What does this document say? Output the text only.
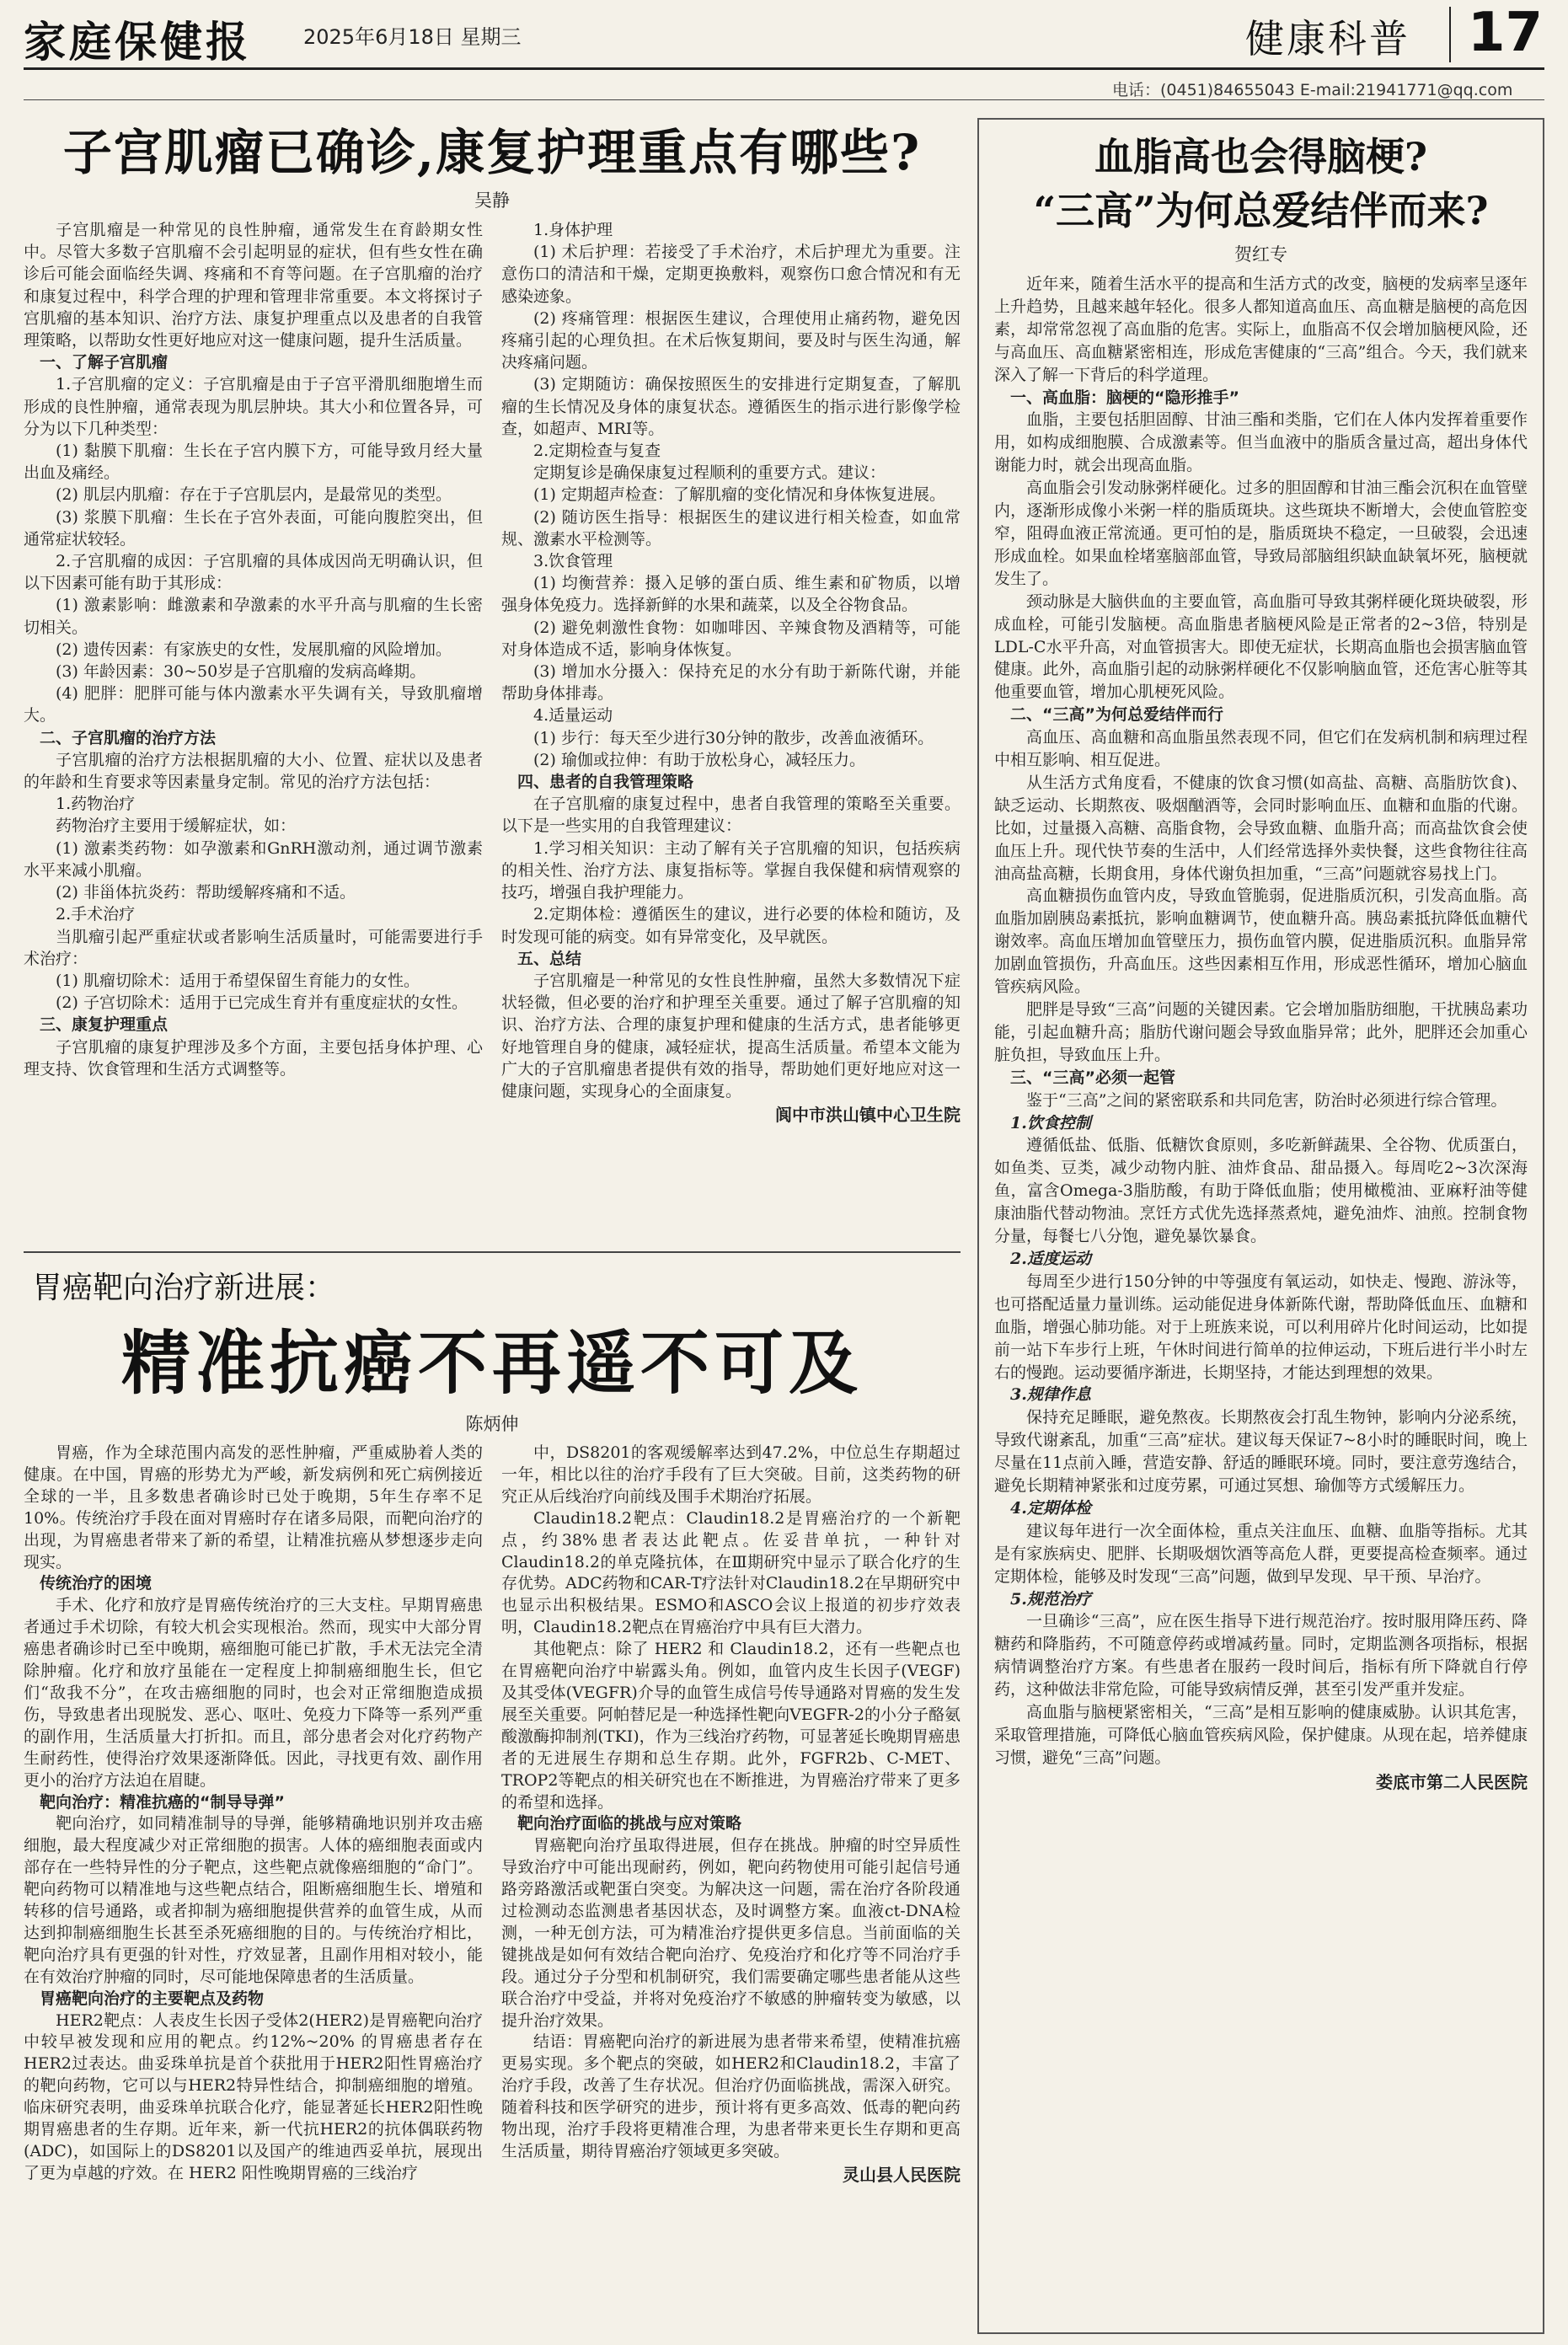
家庭保健报	2025年6月18日 星期三	健康科普 17
电话：(0451)84655043 E-mail:21941771@qq.com
子宫肌瘤已确诊,康复护理重点有哪些?
吴静

子宫肌瘤是一种常见的良性肿瘤，通常发生在育龄期女性中。尽管大多数子宫肌瘤不会引起明显的症状，但有些女性在确诊后可能会面临经失调、疼痛和不育等问题。在子宫肌瘤的治疗和康复过程中，科学合理的护理和管理非常重要。本文将探讨子宫肌瘤的基本知识、治疗方法、康复护理重点以及患者的自我管理策略，以帮助女性更好地应对这一健康问题，提升生活质量。

一、了解子宫肌瘤

1.子宫肌瘤的定义：子宫肌瘤是由于子宫平滑肌细胞增生而形成的良性肿瘤，通常表现为肌层肿块。其大小和位置各异，可分为以下几种类型：

(1) 黏膜下肌瘤：生长在子宫内膜下方，可能导致月经大量出血及痛经。

(2) 肌层内肌瘤：存在于子宫肌层内，是最常见的类型。

(3) 浆膜下肌瘤：生长在子宫外表面，可能向腹腔突出，但通常症状较轻。

2.子宫肌瘤的成因：子宫肌瘤的具体成因尚无明确认识，但以下因素可能有助于其形成：

(1) 激素影响：雌激素和孕激素的水平升高与肌瘤的生长密切相关。

(2) 遗传因素：有家族史的女性，发展肌瘤的风险增加。

(3) 年龄因素：30~50岁是子宫肌瘤的发病高峰期。

(4) 肥胖：肥胖可能与体内激素水平失调有关，导致肌瘤增大。

二、子宫肌瘤的治疗方法

子宫肌瘤的治疗方法根据肌瘤的大小、位置、症状以及患者的年龄和生育要求等因素量身定制。常见的治疗方法包括：

1.药物治疗

药物治疗主要用于缓解症状，如：

(1) 激素类药物：如孕激素和GnRH激动剂，通过调节激素水平来减小肌瘤。

(2) 非甾体抗炎药：帮助缓解疼痛和不适。

2.手术治疗

当肌瘤引起严重症状或者影响生活质量时，可能需要进行手术治疗：

(1) 肌瘤切除术：适用于希望保留生育能力的女性。

(2) 子宫切除术：适用于已完成生育并有重度症状的女性。

三、康复护理重点

子宫肌瘤的康复护理涉及多个方面，主要包括身体护理、心理支持、饮食管理和生活方式调整等。

1.身体护理

(1) 术后护理：若接受了手术治疗，术后护理尤为重要。注意伤口的清洁和干燥，定期更换敷料，观察伤口愈合情况和有无感染迹象。

(2) 疼痛管理：根据医生建议，合理使用止痛药物，避免因疼痛引起的心理负担。在术后恢复期间，要及时与医生沟通，解决疼痛问题。

(3) 定期随访：确保按照医生的安排进行定期复查，了解肌瘤的生长情况及身体的康复状态。遵循医生的指示进行影像学检查，如超声、MRI等。

2.定期检查与复查

定期复诊是确保康复过程顺利的重要方式。建议：

(1) 定期超声检查：了解肌瘤的变化情况和身体恢复进展。

(2) 随访医生指导：根据医生的建议进行相关检查，如血常规、激素水平检测等。

3.饮食管理

(1) 均衡营养：摄入足够的蛋白质、维生素和矿物质，以增强身体免疫力。选择新鲜的水果和蔬菜，以及全谷物食品。

(2) 避免刺激性食物：如咖啡因、辛辣食物及酒精等，可能对身体造成不适，影响身体恢复。

(3) 增加水分摄入：保持充足的水分有助于新陈代谢，并能帮助身体排毒。

4.适量运动

(1) 步行：每天至少进行30分钟的散步，改善血液循环。

(2) 瑜伽或拉伸：有助于放松身心，减轻压力。

四、患者的自我管理策略

在子宫肌瘤的康复过程中，患者自我管理的策略至关重要。以下是一些实用的自我管理建议：

1.学习相关知识：主动了解有关子宫肌瘤的知识，包括疾病的相关性、治疗方法、康复指标等。掌握自我保健和病情观察的技巧，增强自我护理能力。

2.定期体检：遵循医生的建议，进行必要的体检和随访，及时发现可能的病变。如有异常变化，及早就医。

五、总结

子宫肌瘤是一种常见的女性良性肿瘤，虽然大多数情况下症状轻微，但必要的治疗和护理至关重要。通过了解子宫肌瘤的知识、治疗方法、合理的康复护理和健康的生活方式，患者能够更好地管理自身的健康，减轻症状，提高生活质量。希望本文能为广大的子宫肌瘤患者提供有效的指导，帮助她们更好地应对这一健康问题，实现身心的全面康复。

阆中市洪山镇中心卫生院
胃癌靶向治疗新进展：
精准抗癌不再遥不可及
陈炳伸

胃癌，作为全球范围内高发的恶性肿瘤，严重威胁着人类的健康。在中国，胃癌的形势尤为严峻，新发病例和死亡病例接近全球的一半，且多数患者确诊时已处于晚期，5年生存率不足10%。传统治疗手段在面对胃癌时存在诸多局限，而靶向治疗的出现，为胃癌患者带来了新的希望，让精准抗癌从梦想逐步走向现实。

传统治疗的困境

手术、化疗和放疗是胃癌传统治疗的三大支柱。早期胃癌患者通过手术切除，有较大机会实现根治。然而，现实中大部分胃癌患者确诊时已至中晚期，癌细胞可能已扩散，手术无法完全清除肿瘤。化疗和放疗虽能在一定程度上抑制癌细胞生长，但它们“敌我不分”，在攻击癌细胞的同时，也会对正常细胞造成损伤，导致患者出现脱发、恶心、呕吐、免疫力下降等一系列严重的副作用，生活质量大打折扣。而且，部分患者会对化疗药物产生耐药性，使得治疗效果逐渐降低。因此，寻找更有效、副作用更小的治疗方法迫在眉睫。

靶向治疗：精准抗癌的“制导导弹”

靶向治疗，如同精准制导的导弹，能够精确地识别并攻击癌细胞，最大程度减少对正常细胞的损害。人体的癌细胞表面或内部存在一些特异性的分子靶点，这些靶点就像癌细胞的“命门”。靶向药物可以精准地与这些靶点结合，阻断癌细胞生长、增殖和转移的信号通路，或者抑制为癌细胞提供营养的血管生成，从而达到抑制癌细胞生长甚至杀死癌细胞的目的。与传统治疗相比，靶向治疗具有更强的针对性，疗效显著，且副作用相对较小，能在有效治疗肿瘤的同时，尽可能地保障患者的生活质量。

胃癌靶向治疗的主要靶点及药物

HER2靶点：人表皮生长因子受体2(HER2)是胃癌靶向治疗中较早被发现和应用的靶点。约12%~20% 的胃癌患者存在HER2过表达。曲妥珠单抗是首个获批用于HER2阳性胃癌治疗的靶向药物，它可以与HER2特异性结合，抑制癌细胞的增殖。临床研究表明，曲妥珠单抗联合化疗，能显著延长HER2阳性晚期胃癌患者的生存期。近年来，新一代抗HER2的抗体偶联药物(ADC)，如国际上的DS8201以及国产的维迪西妥单抗，展现出了更为卓越的疗效。在 HER2 阳性晚期胃癌的三线治疗

中，DS8201的客观缓解率达到47.2%，中位总生存期超过一年，相比以往的治疗手段有了巨大突破。目前，这类药物的研究正从后线治疗向前线及围手术期治疗拓展。

Claudin18.2靶点：Claudin18.2是胃癌治疗的一个新靶点，约38%患者表达此靶点。佐妥昔单抗，一种针对Claudin18.2的单克隆抗体，在Ⅲ期研究中显示了联合化疗的生存优势。ADC药物和CAR-T疗法针对Claudin18.2在早期研究中也显示出积极结果。ESMO和ASCO会议上报道的初步疗效表明，Claudin18.2靶点在胃癌治疗中具有巨大潜力。

其他靶点：除了 HER2 和 Claudin18.2，还有一些靶点也在胃癌靶向治疗中崭露头角。例如，血管内皮生长因子(VEGF)及其受体(VEGFR)介导的血管生成信号传导通路对胃癌的发生发展至关重要。阿帕替尼是一种选择性靶向VEGFR-2的小分子酪氨酸激酶抑制剂(TKI)，作为三线治疗药物，可显著延长晚期胃癌患者的无进展生存期和总生存期。此外，FGFR2b、C-MET、TROP2等靶点的相关研究也在不断推进，为胃癌治疗带来了更多的希望和选择。

靶向治疗面临的挑战与应对策略

胃癌靶向治疗虽取得进展，但存在挑战。肿瘤的时空异质性导致治疗中可能出现耐药，例如，靶向药物使用可能引起信号通路旁路激活或靶蛋白突变。为解决这一问题，需在治疗各阶段通过检测动态监测患者基因状态，及时调整方案。血液ct-DNA检测，一种无创方法，可为精准治疗提供更多信息。当前面临的关键挑战是如何有效结合靶向治疗、免疫治疗和化疗等不同治疗手段。通过分子分型和机制研究，我们需要确定哪些患者能从这些联合治疗中受益，并将对免疫治疗不敏感的肿瘤转变为敏感，以提升治疗效果。

结语：胃癌靶向治疗的新进展为患者带来希望，使精准抗癌更易实现。多个靶点的突破，如HER2和Claudin18.2，丰富了治疗手段，改善了生存状况。但治疗仍面临挑战，需深入研究。随着科技和医学研究的进步，预计将有更多高效、低毒的靶向药物出现，治疗手段将更精准合理，为患者带来更长生存期和更高生活质量，期待胃癌治疗领域更多突破。

灵山县人民医院
血脂高也会得脑梗?
“三高”为何总爱结伴而来?
贺红专

近年来，随着生活水平的提高和生活方式的改变，脑梗的发病率呈逐年上升趋势，且越来越年轻化。很多人都知道高血压、高血糖是脑梗的高危因素，却常常忽视了高血脂的危害。实际上，血脂高不仅会增加脑梗风险，还与高血压、高血糖紧密相连，形成危害健康的“三高”组合。今天，我们就来深入了解一下背后的科学道理。

一、高血脂：脑梗的“隐形推手”

血脂，主要包括胆固醇、甘油三酯和类脂，它们在人体内发挥着重要作用，如构成细胞膜、合成激素等。但当血液中的脂质含量过高，超出身体代谢能力时，就会出现高血脂。

高血脂会引发动脉粥样硬化。过多的胆固醇和甘油三酯会沉积在血管壁内，逐渐形成像小米粥一样的脂质斑块。这些斑块不断增大，会使血管腔变窄，阻碍血液正常流通。更可怕的是，脂质斑块不稳定，一旦破裂，会迅速形成血栓。如果血栓堵塞脑部血管，导致局部脑组织缺血缺氧坏死，脑梗就发生了。

颈动脉是大脑供血的主要血管，高血脂可导致其粥样硬化斑块破裂，形成血栓，可能引发脑梗。高血脂患者脑梗风险是正常者的2~3倍，特别是LDL-C水平升高，对血管损害大。即使无症状，长期高血脂也会损害脑血管健康。此外，高血脂引起的动脉粥样硬化不仅影响脑血管，还危害心脏等其他重要血管，增加心肌梗死风险。

二、“三高”为何总爱结伴而行

高血压、高血糖和高血脂虽然表现不同，但它们在发病机制和病理过程中相互影响、相互促进。

从生活方式角度看，不健康的饮食习惯(如高盐、高糖、高脂肪饮食)、缺乏运动、长期熬夜、吸烟酗酒等，会同时影响血压、血糖和血脂的代谢。比如，过量摄入高糖、高脂食物，会导致血糖、血脂升高；而高盐饮食会使血压上升。现代快节奏的生活中，人们经常选择外卖快餐，这些食物往往高油高盐高糖，长期食用，身体代谢负担加重，“三高”问题就容易找上门。

高血糖损伤血管内皮，导致血管脆弱，促进脂质沉积，引发高血脂。高血脂加剧胰岛素抵抗，影响血糖调节，使血糖升高。胰岛素抵抗降低血糖代谢效率。高血压增加血管壁压力，损伤血管内膜，促进脂质沉积。血脂异常加剧血管损伤，升高血压。这些因素相互作用，形成恶性循环，增加心脑血管疾病风险。

肥胖是导致“三高”问题的关键因素。它会增加脂肪细胞，干扰胰岛素功能，引起血糖升高；脂肪代谢问题会导致血脂异常；此外，肥胖还会加重心脏负担，导致血压上升。

三、“三高”必须一起管

鉴于“三高”之间的紧密联系和共同危害，防治时必须进行综合管理。

1.饮食控制

遵循低盐、低脂、低糖饮食原则，多吃新鲜蔬果、全谷物、优质蛋白，如鱼类、豆类，减少动物内脏、油炸食品、甜品摄入。每周吃2~3次深海鱼，富含Omega-3脂肪酸，有助于降低血脂；使用橄榄油、亚麻籽油等健康油脂代替动物油。烹饪方式优先选择蒸煮炖，避免油炸、油煎。控制食物分量，每餐七八分饱，避免暴饮暴食。

2.适度运动

每周至少进行150分钟的中等强度有氧运动，如快走、慢跑、游泳等，也可搭配适量力量训练。运动能促进身体新陈代谢，帮助降低血压、血糖和血脂，增强心肺功能。对于上班族来说，可以利用碎片化时间运动，比如提前一站下车步行上班，午休时间进行简单的拉伸运动，下班后进行半小时左右的慢跑。运动要循序渐进，长期坚持，才能达到理想的效果。

3.规律作息

保持充足睡眠，避免熬夜。长期熬夜会打乱生物钟，影响内分泌系统，导致代谢紊乱，加重“三高”症状。建议每天保证7~8小时的睡眠时间，晚上尽量在11点前入睡，营造安静、舒适的睡眠环境。同时，要注意劳逸结合，避免长期精神紧张和过度劳累，可通过冥想、瑜伽等方式缓解压力。

4.定期体检

建议每年进行一次全面体检，重点关注血压、血糖、血脂等指标。尤其是有家族病史、肥胖、长期吸烟饮酒等高危人群，更要提高检查频率。通过定期体检，能够及时发现“三高”问题，做到早发现、早干预、早治疗。

5.规范治疗

一旦确诊“三高”，应在医生指导下进行规范治疗。按时服用降压药、降糖药和降脂药，不可随意停药或增减药量。同时，定期监测各项指标，根据病情调整治疗方案。有些患者在服药一段时间后，指标有所下降就自行停药，这种做法非常危险，可能导致病情反弹，甚至引发严重并发症。

高血脂与脑梗紧密相关，“三高”是相互影响的健康威胁。认识其危害，采取管理措施，可降低心脑血管疾病风险，保护健康。从现在起，培养健康习惯，避免“三高”问题。

娄底市第二人民医院
